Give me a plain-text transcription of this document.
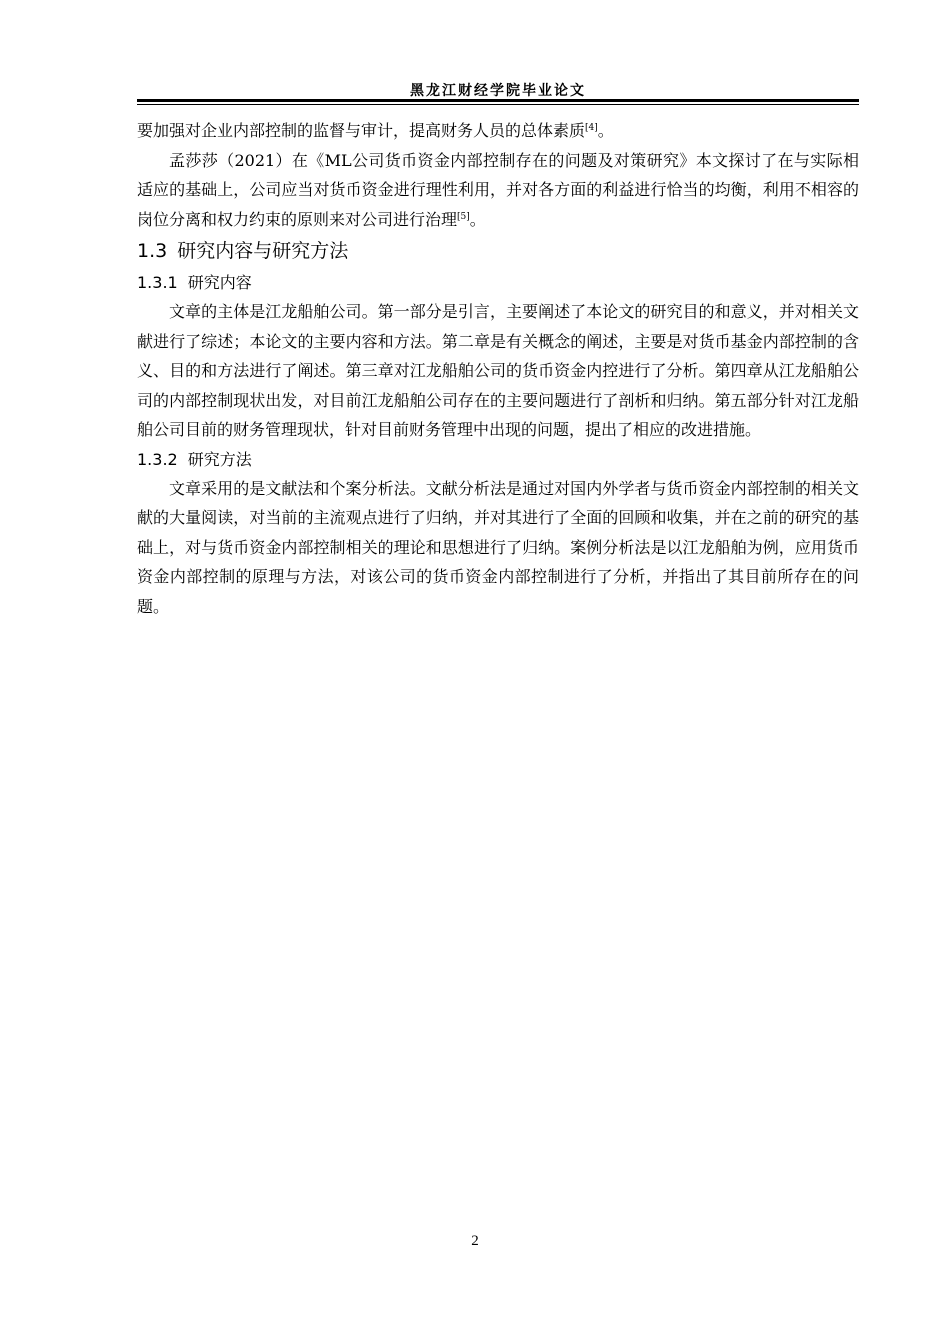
黑龙江财经学院毕业论文

要加强对企业内部控制的监督与审计，提高财务人员的总体素质[4]。

孟莎莎（2021）在《ML公司货币资金内部控制存在的问题及对策研究》本文探讨了在与实际相适应的基础上，公司应当对货币资金进行理性利用，并对各方面的利益进行恰当的均衡，利用不相容的岗位分离和权力约束的原则来对公司进行治理[5]。

1.3 研究内容与研究方法
1.3.1 研究内容

文章的主体是江龙船舶公司。第一部分是引言，主要阐述了本论文的研究目的和意义，并对相关文献进行了综述；本论文的主要内容和方法。第二章是有关概念的阐述，主要是对货币基金内部控制的含义、目的和方法进行了阐述。第三章对江龙船舶公司的货币资金内控进行了分析。第四章从江龙船舶公司的内部控制现状出发，对目前江龙船舶公司存在的主要问题进行了剖析和归纳。第五部分针对江龙船舶公司目前的财务管理现状，针对目前财务管理中出现的问题，提出了相应的改进措施。

1.3.2 研究方法

文章采用的是文献法和个案分析法。文献分析法是通过对国内外学者与货币资金内部控制的相关文献的大量阅读，对当前的主流观点进行了归纳，并对其进行了全面的回顾和收集，并在之前的研究的基础上，对与货币资金内部控制相关的理论和思想进行了归纳。案例分析法是以江龙船舶为例，应用货币资金内部控制的原理与方法，对该公司的货币资金内部控制进行了分析，并指出了其目前所存在的问题。

2
